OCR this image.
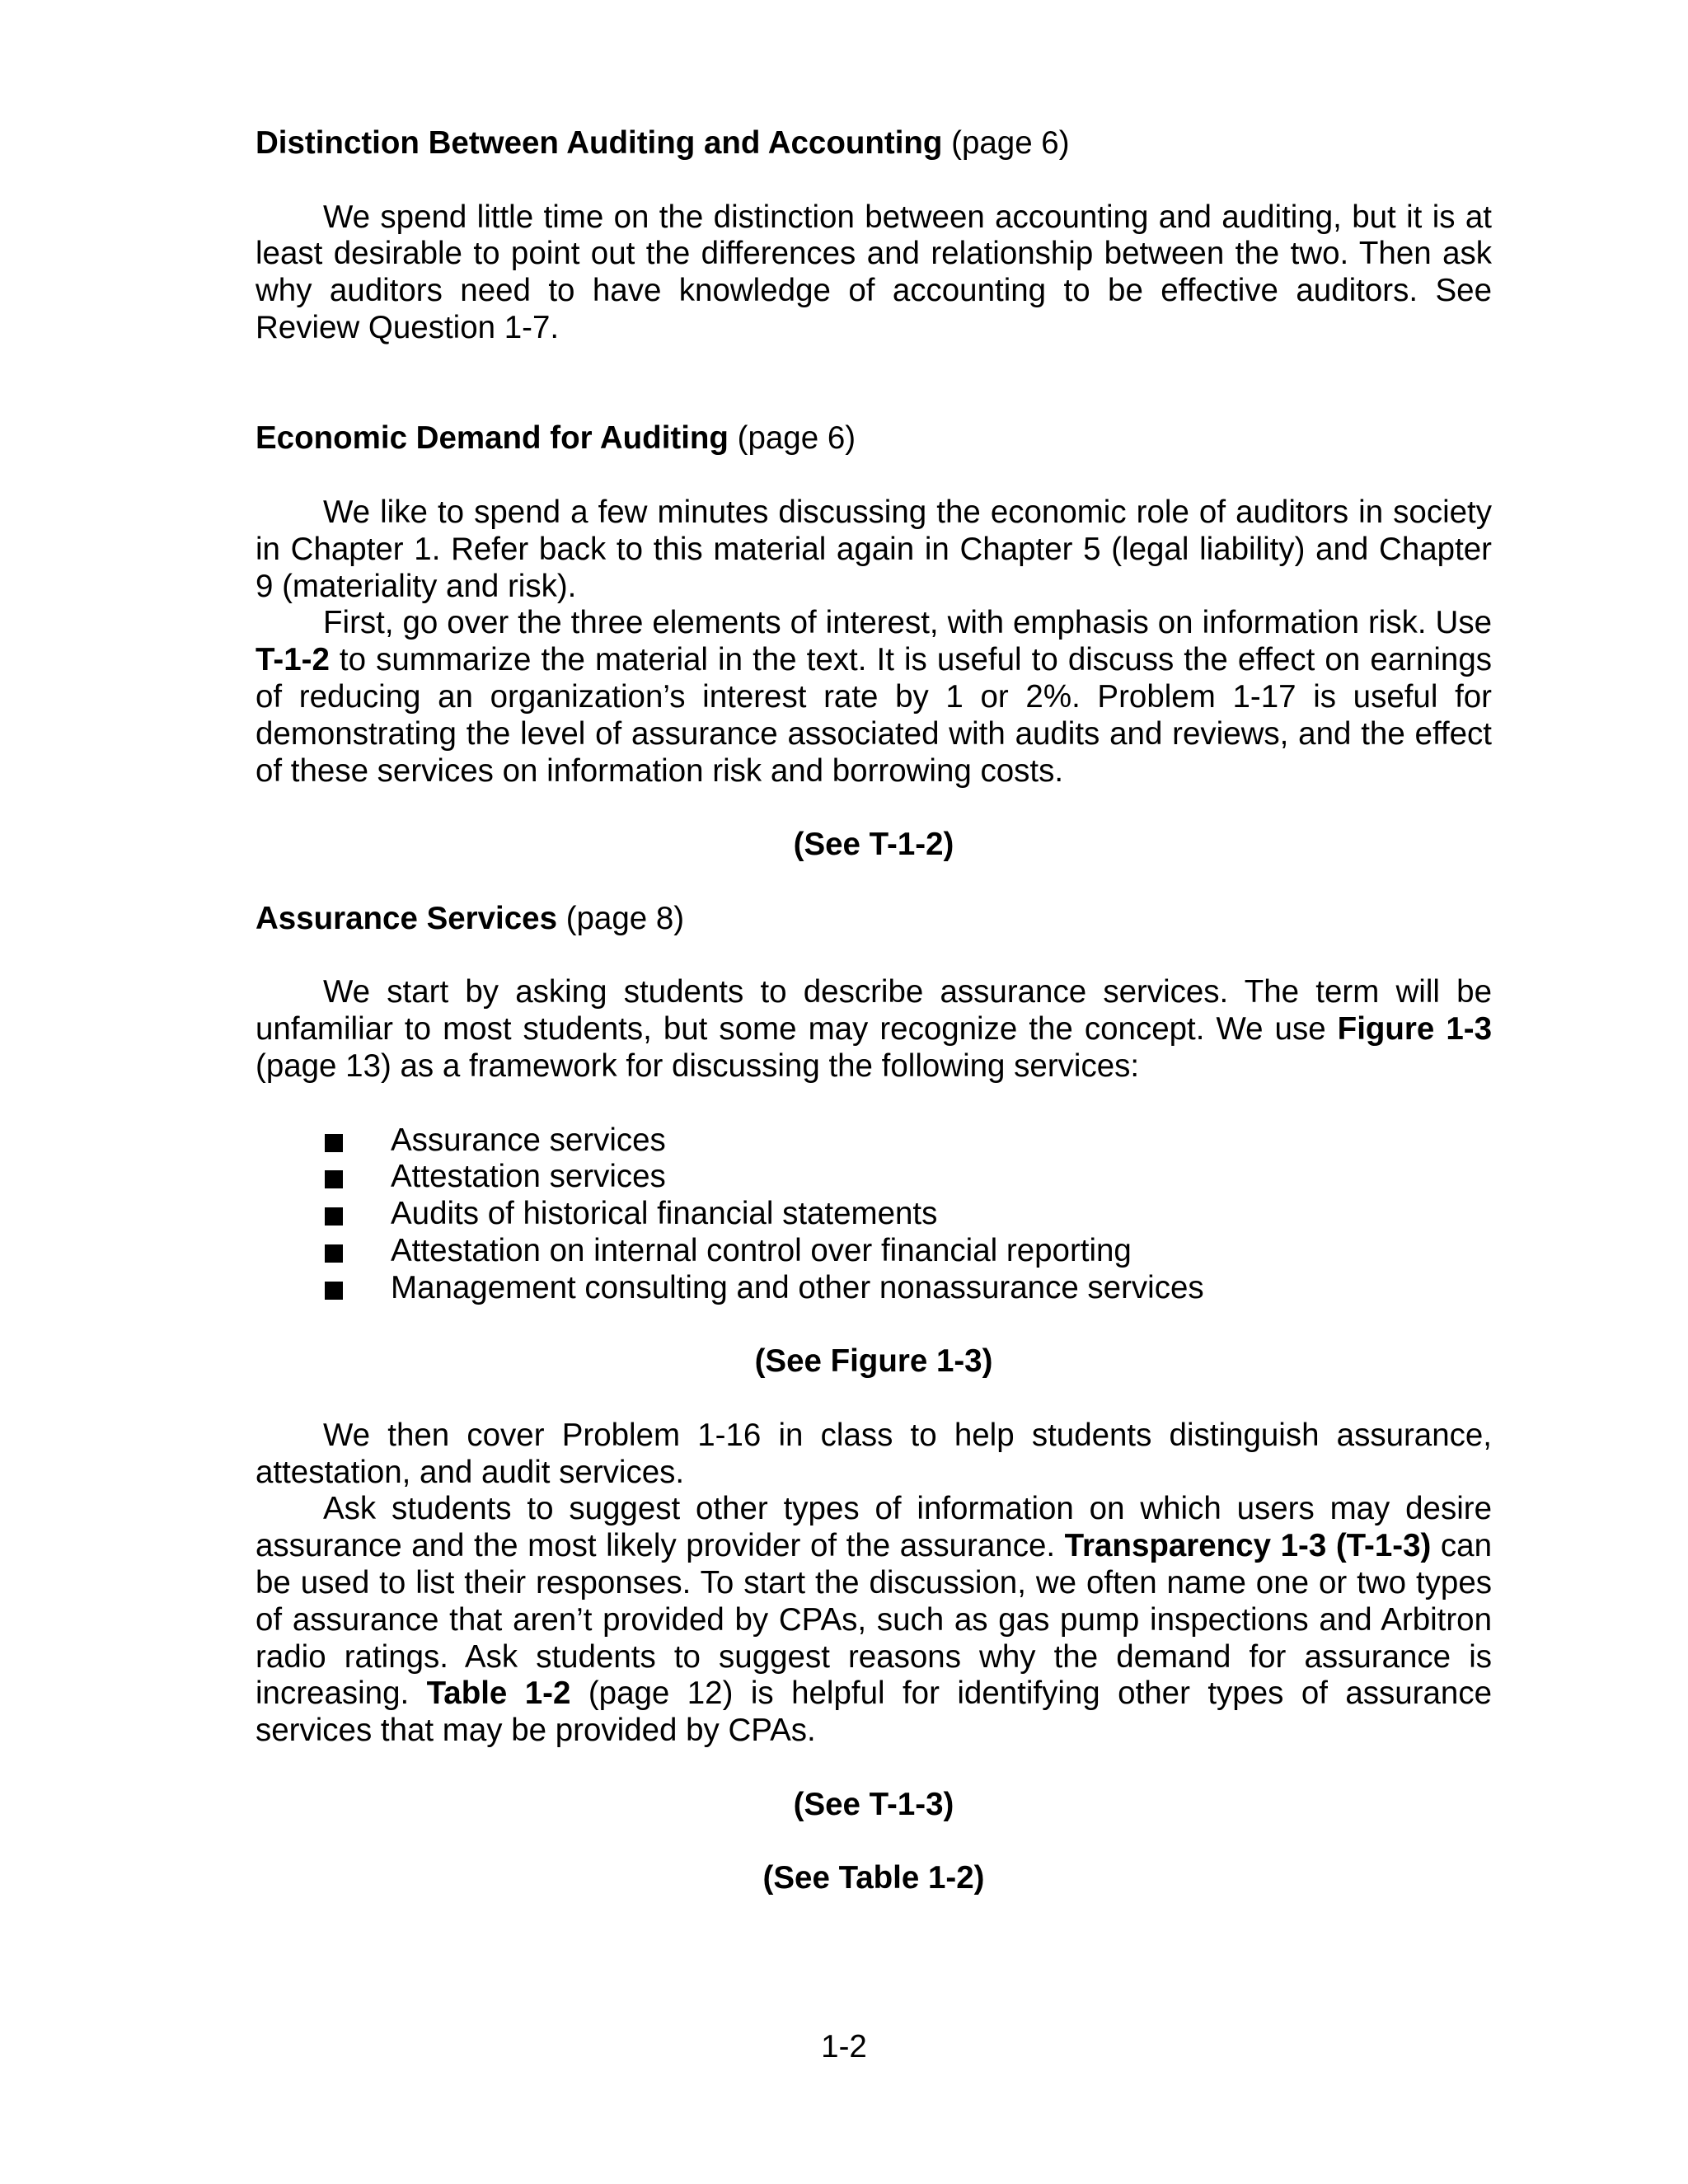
Distinction Between Auditing and Accounting (page 6)

We spend little time on the distinction between accounting and auditing, but it is at least desirable to point out the differences and relationship between the two. Then ask why auditors need to have knowledge of accounting to be effective auditors. See Review Question 1-7.

Economic Demand for Auditing (page 6)

We like to spend a few minutes discussing the economic role of auditors in society in Chapter 1. Refer back to this material again in Chapter 5 (legal liability) and Chapter 9 (materiality and risk).

First, go over the three elements of interest, with emphasis on information risk. Use T-1-2 to summarize the material in the text. It is useful to discuss the effect on earnings of reducing an organization’s interest rate by 1 or 2%. Problem 1-17 is useful for demonstrating the level of assurance associated with audits and reviews, and the effect of these services on information risk and borrowing costs.

(See T-1-2)
Assurance Services (page 8)

We start by asking students to describe assurance services. The term will be unfamiliar to most students, but some may recognize the concept. We use Figure 1-3 (page 13) as a framework for discussing the following services:

Assurance services
Attestation services
Audits of historical financial statements
Attestation on internal control over financial reporting
Management consulting and other nonassurance services
(See Figure 1-3)

We then cover Problem 1-16 in class to help students distinguish assurance, attestation, and audit services.

Ask students to suggest other types of information on which users may desire assurance and the most likely provider of the assurance. Transparency 1-3 (T-1-3) can be used to list their responses. To start the discussion, we often name one or two types of assurance that aren’t provided by CPAs, such as gas pump inspections and Arbitron radio ratings. Ask students to suggest reasons why the demand for assurance is increasing. Table 1-2 (page 12) is helpful for identifying other types of assurance services that may be provided by CPAs.

(See T-1-3)
(See Table 1-2)
1-2
